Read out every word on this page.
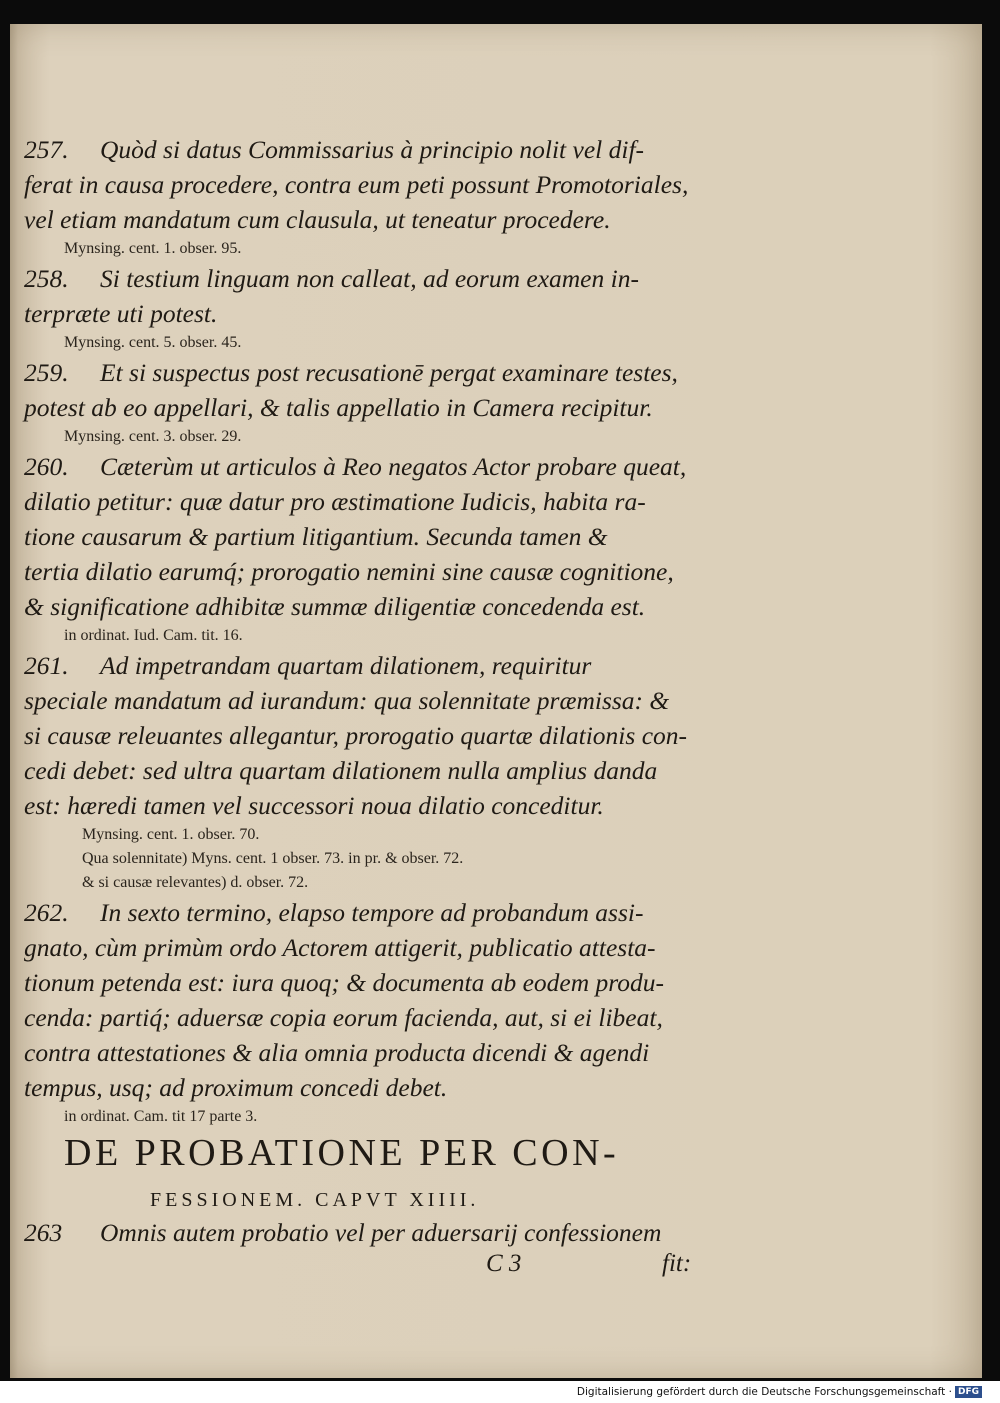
257. Quòd si datus Commissarius à principio nolit vel dif-
ferat in causa procedere, contra eum peti possunt Promotoriales,
vel etiam mandatum cum clausula, ut teneatur procedere.
Mynsing. cent. 1. obser. 95.
258. Si testium linguam non calleat, ad eorum examen in-
terpræte uti potest.
Mynsing. cent. 5. obser. 45.
259. Et si suspectus post recusationē pergat examinare testes,
potest ab eo appellari, & talis appellatio in Camera recipitur.
Mynsing. cent. 3. obser. 29.
260. Cæterùm ut articulos à Reo negatos Actor probare queat,
dilatio petitur: quæ datur pro æstimatione Iudicis, habita ra-
tione causarum & partium litigantium. Secunda tamen &
tertia dilatio earumq́; prorogatio nemini sine causæ cognitione,
& significatione adhibitæ summæ diligentiæ concedenda est.
in ordinat. Iud. Cam. tit. 16.
261. Ad impetrandam quartam dilationem, requiritur
speciale mandatum ad iurandum: qua solennitate præmissa: &
si causæ releuantes allegantur, prorogatio quartæ dilationis con-
cedi debet: sed ultra quartam dilationem nulla amplius danda
est: hæredi tamen vel successori noua dilatio conceditur.
Mynsing. cent. 1. obser. 70.
Qua solennitate) Myns. cent. 1 obser. 73. in pr. & obser. 72.
& si causæ relevantes) d. obser. 72.
262. In sexto termino, elapso tempore ad probandum assi-
gnato, cùm primùm ordo Actorem attigerit, publicatio attesta-
tionum petenda est: iura quoq; & documenta ab eodem produ-
cenda: partiq́; aduersæ copia eorum facienda, aut, si ei libeat,
contra attestationes & alia omnia producta dicendi & agendi
tempus, usq; ad proximum concedi debet.
in ordinat. Cam. tit 17 parte 3.
DE PROBATIONE PER CON-
FESSIONEM. CAPVT XIIII.
263 Omnis autem probatio vel per aduersarij confessionem
C 3	fit:
Digitalisierung gefördert durch die Deutsche Forschungsgemeinschaft · DFG
